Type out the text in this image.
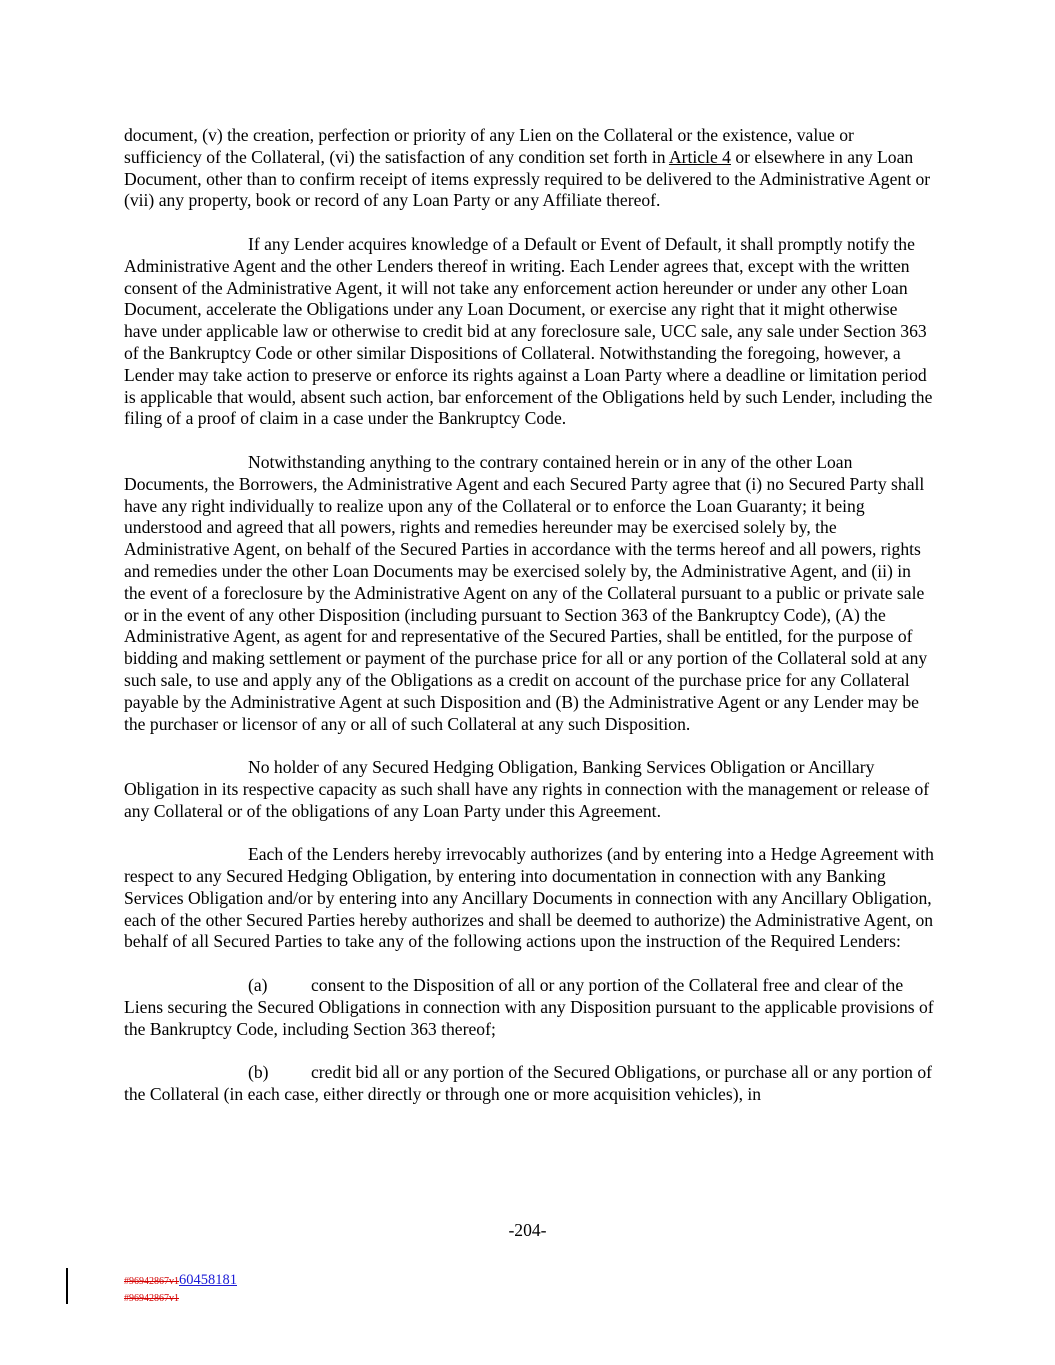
document, (v) the creation, perfection or priority of any Lien on the Collateral or the existence, value or sufficiency of the Collateral, (vi) the satisfaction of any condition set forth in Article 4 or elsewhere in any Loan Document, other than to confirm receipt of items expressly required to be delivered to the Administrative Agent or (vii) any property, book or record of any Loan Party or any Affiliate thereof.

If any Lender acquires knowledge of a Default or Event of Default, it shall promptly notify the Administrative Agent and the other Lenders thereof in writing. Each Lender agrees that, except with the written consent of the Administrative Agent, it will not take any enforcement action hereunder or under any other Loan Document, accelerate the Obligations under any Loan Document, or exercise any right that it might otherwise have under applicable law or otherwise to credit bid at any foreclosure sale, UCC sale, any sale under Section 363 of the Bankruptcy Code or other similar Dispositions of Collateral. Notwithstanding the foregoing, however, a Lender may take action to preserve or enforce its rights against a Loan Party where a deadline or limitation period is applicable that would, absent such action, bar enforcement of the Obligations held by such Lender, including the filing of a proof of claim in a case under the Bankruptcy Code.

Notwithstanding anything to the contrary contained herein or in any of the other Loan Documents, the Borrowers, the Administrative Agent and each Secured Party agree that (i) no Secured Party shall have any right individually to realize upon any of the Collateral or to enforce the Loan Guaranty; it being understood and agreed that all powers, rights and remedies hereunder may be exercised solely by, the Administrative Agent, on behalf of the Secured Parties in accordance with the terms hereof and all powers, rights and remedies under the other Loan Documents may be exercised solely by, the Administrative Agent, and (ii) in the event of a foreclosure by the Administrative Agent on any of the Collateral pursuant to a public or private sale or in the event of any other Disposition (including pursuant to Section 363 of the Bankruptcy Code), (A) the Administrative Agent, as agent for and representative of the Secured Parties, shall be entitled, for the purpose of bidding and making settlement or payment of the purchase price for all or any portion of the Collateral sold at any such sale, to use and apply any of the Obligations as a credit on account of the purchase price for any Collateral payable by the Administrative Agent at such Disposition and (B) the Administrative Agent or any Lender may be the purchaser or licensor of any or all of such Collateral at any such Disposition.

No holder of any Secured Hedging Obligation, Banking Services Obligation or Ancillary Obligation in its respective capacity as such shall have any rights in connection with the management or release of any Collateral or of the obligations of any Loan Party under this Agreement.

Each of the Lenders hereby irrevocably authorizes (and by entering into a Hedge Agreement with respect to any Secured Hedging Obligation, by entering into documentation in connection with any Banking Services Obligation and/or by entering into any Ancillary Documents in connection with any Ancillary Obligation, each of the other Secured Parties hereby authorizes and shall be deemed to authorize) the Administrative Agent, on behalf of all Secured Parties to take any of the following actions upon the instruction of the Required Lenders:

(a) consent to the Disposition of all or any portion of the Collateral free and clear of the Liens securing the Secured Obligations in connection with any Disposition pursuant to the applicable provisions of the Bankruptcy Code, including Section 363 thereof;

(b) credit bid all or any portion of the Secured Obligations, or purchase all or any portion of the Collateral (in each case, either directly or through one or more acquisition vehicles), in

-204-
#96942867v160458181
#96942867v1
